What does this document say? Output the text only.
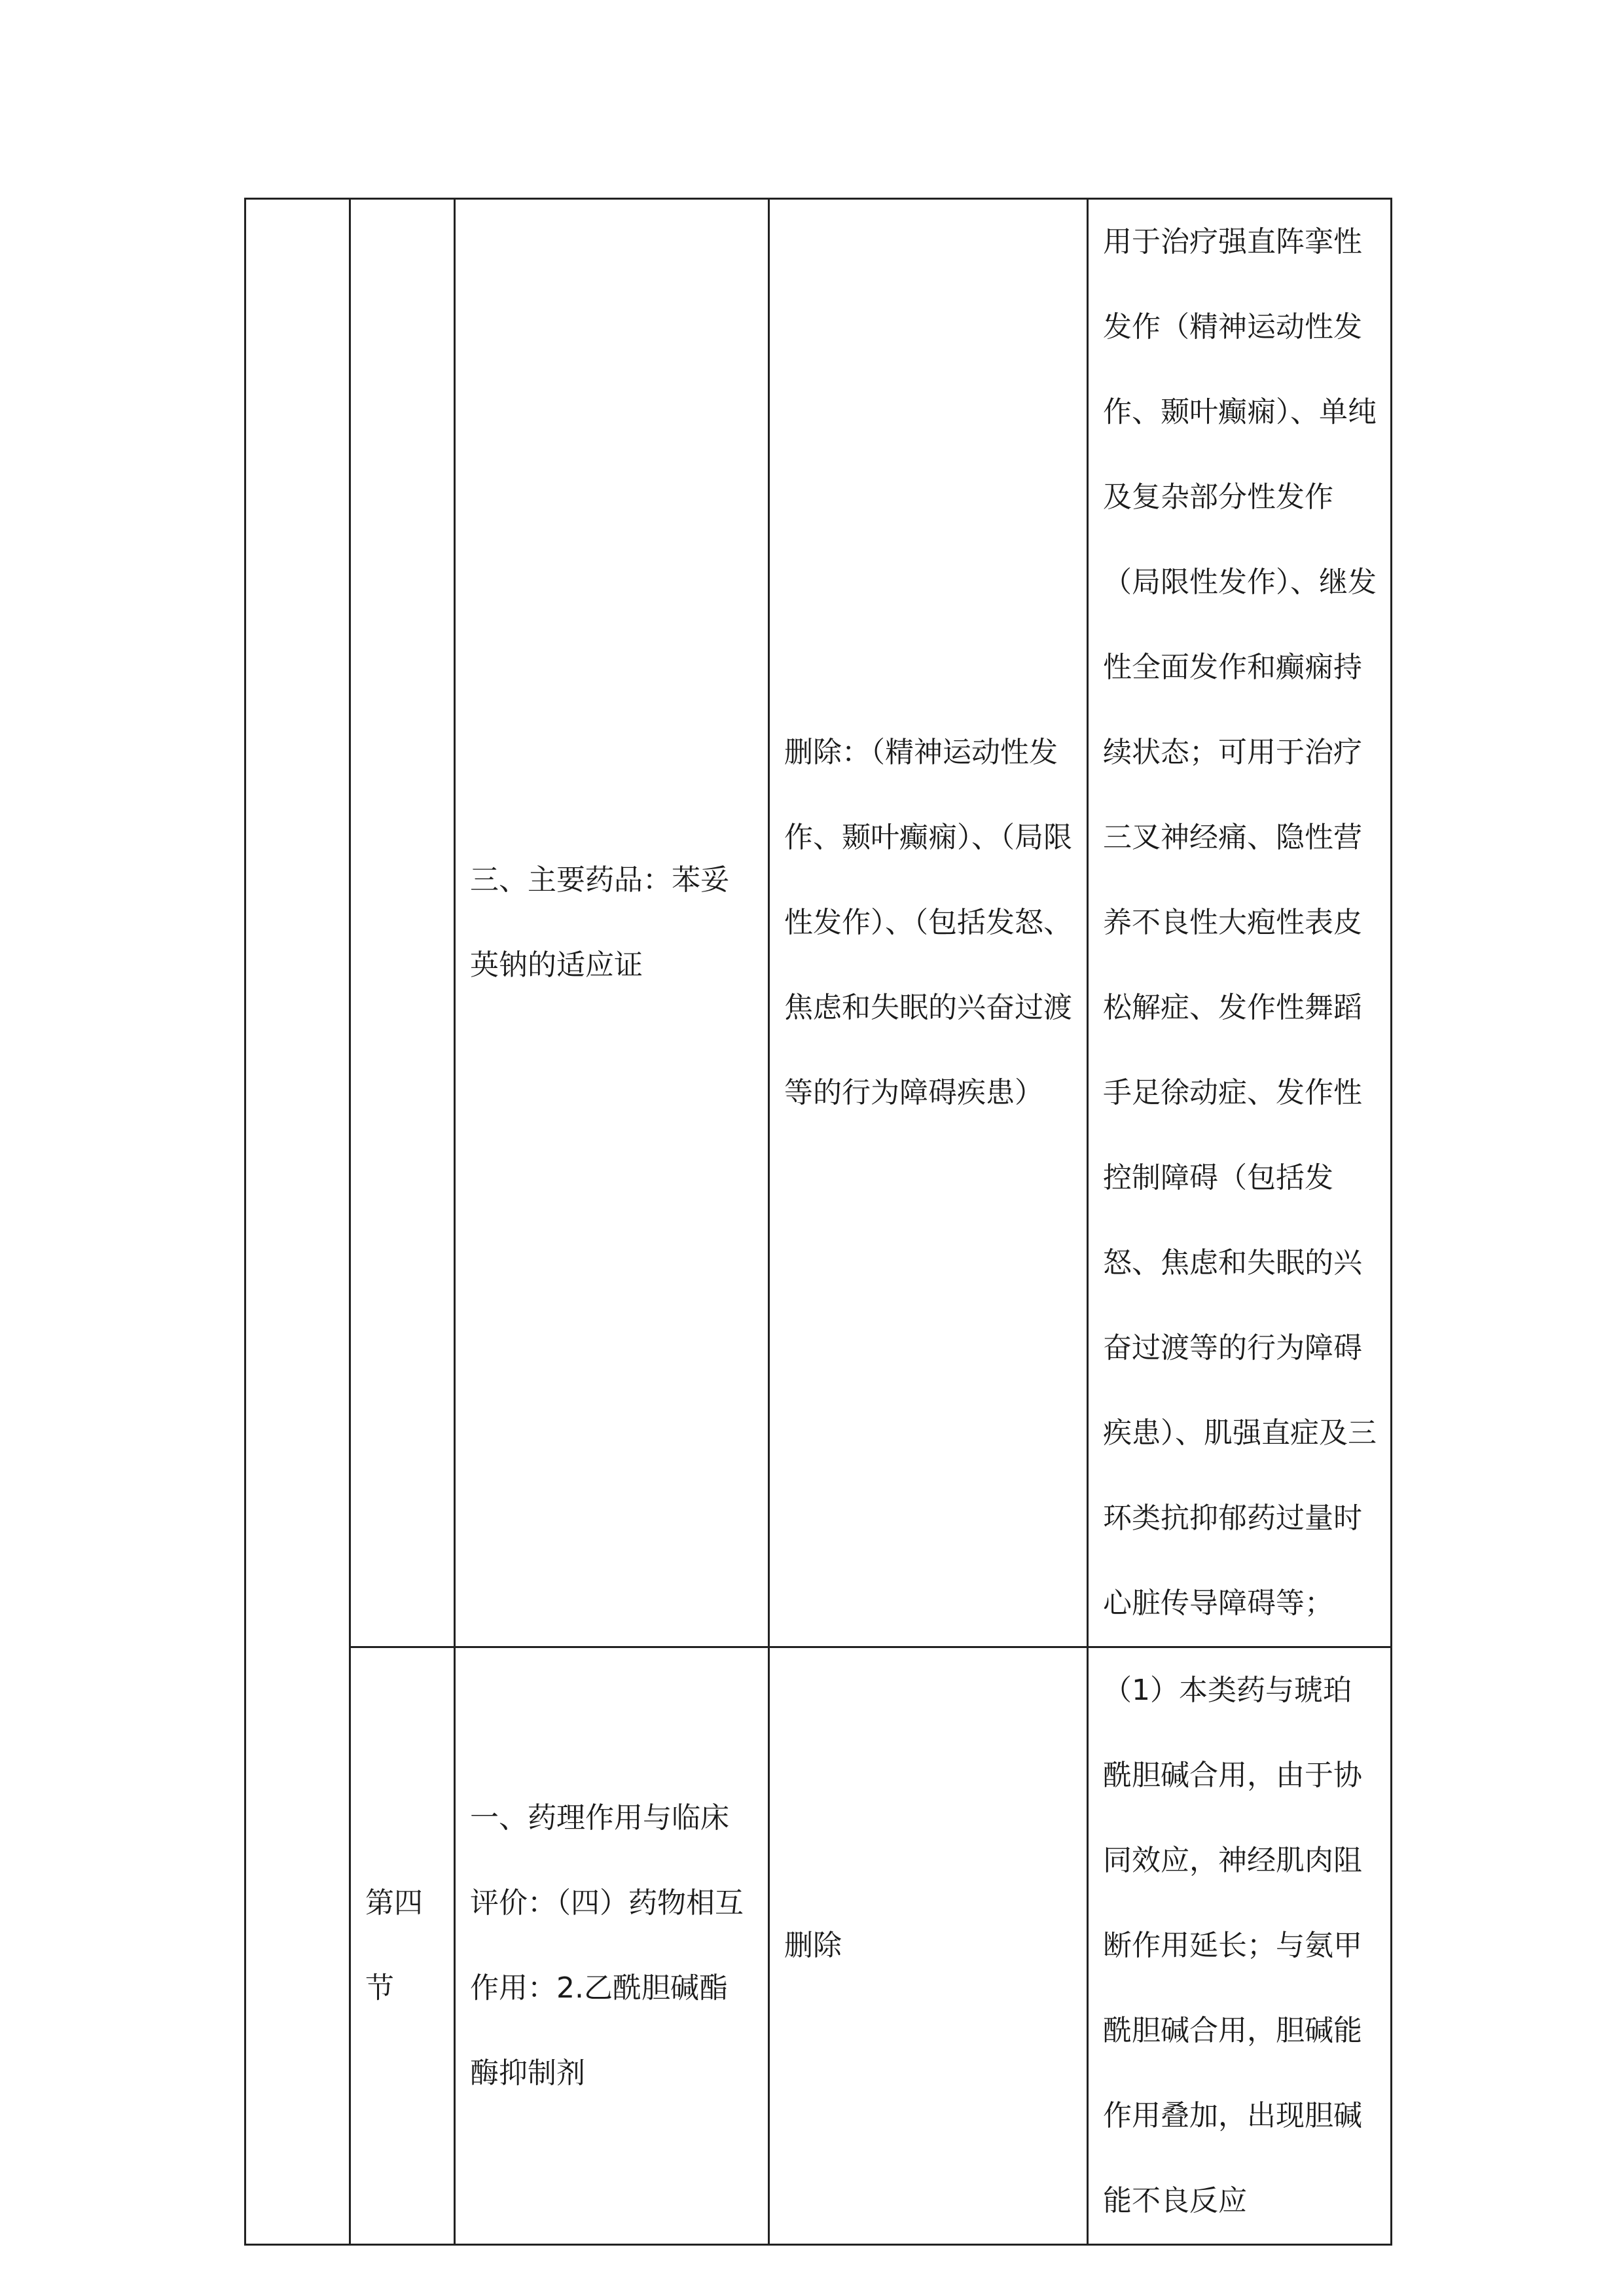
		三、主要药品：苯妥英钠的适应证	删除：（精神运动性发作、颞叶癫痫）、（局限性发作）、（包括发怒、焦虑和失眠的兴奋过渡等的行为障碍疾患）	用于治疗强直阵挛性发作（精神运动性发作、颞叶癫痫）、单纯及复杂部分性发作（局限性发作）、继发性全面发作和癫痫持续状态；可用于治疗三叉神经痛、隐性营养不良性大疱性表皮松解症、发作性舞蹈手足徐动症、发作性控制障碍（包括发怒、焦虑和失眠的兴奋过渡等的行为障碍疾患）、肌强直症及三环类抗抑郁药过量时心脏传导障碍等；

	第四节	一、药理作用与临床评价：（四）药物相互作用：2.乙酰胆碱酯酶抑制剂	删除	（1）本类药与琥珀酰胆碱合用，由于协同效应，神经肌肉阻断作用延长；与氨甲酰胆碱合用，胆碱能作用叠加，出现胆碱能不良反应
